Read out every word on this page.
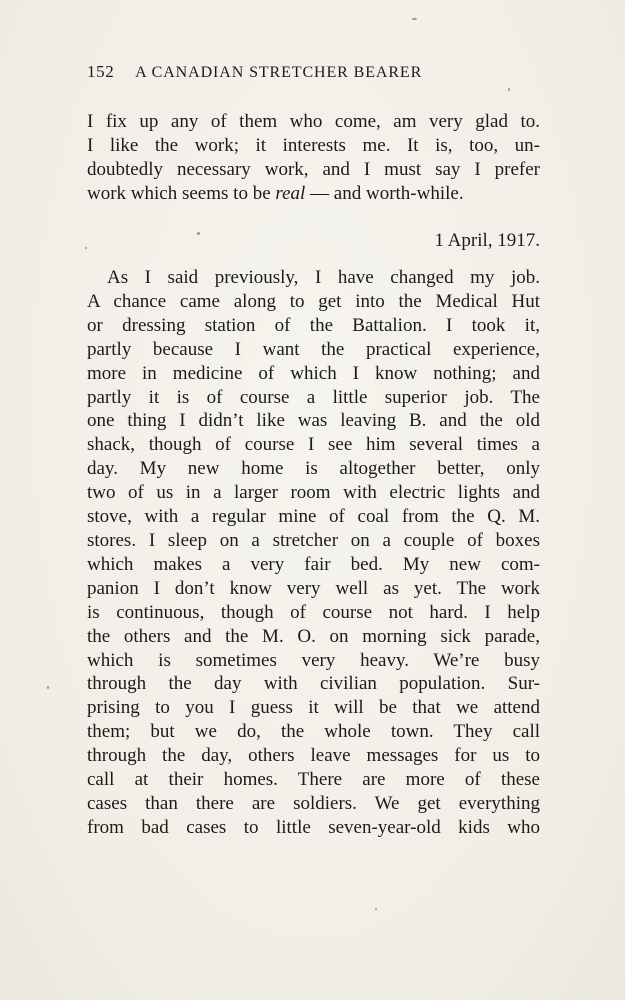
152 A CANADIAN STRETCHER BEARER
I fix up any of them who come, am very glad to.
I like the work; it interests me. It is, too, un-
doubtedly necessary work, and I must say I prefer
work which seems to be real — and worth-while.
1 April, 1917.
As I said previously, I have changed my job.
A chance came along to get into the Medical Hut
or dressing station of the Battalion. I took it,
partly because I want the practical experience,
more in medicine of which I know nothing; and
partly it is of course a little superior job. The
one thing I didn’t like was leaving B. and the old
shack, though of course I see him several times a
day. My new home is altogether better, only
two of us in a larger room with electric lights and
stove, with a regular mine of coal from the Q. M.
stores. I sleep on a stretcher on a couple of boxes
which makes a very fair bed. My new com-
panion I don’t know very well as yet. The work
is continuous, though of course not hard. I help
the others and the M. O. on morning sick parade,
which is sometimes very heavy. We’re busy
through the day with civilian population. Sur-
prising to you I guess it will be that we attend
them; but we do, the whole town. They call
through the day, others leave messages for us to
call at their homes. There are more of these
cases than there are soldiers. We get everything
from bad cases to little seven-year-old kids who
